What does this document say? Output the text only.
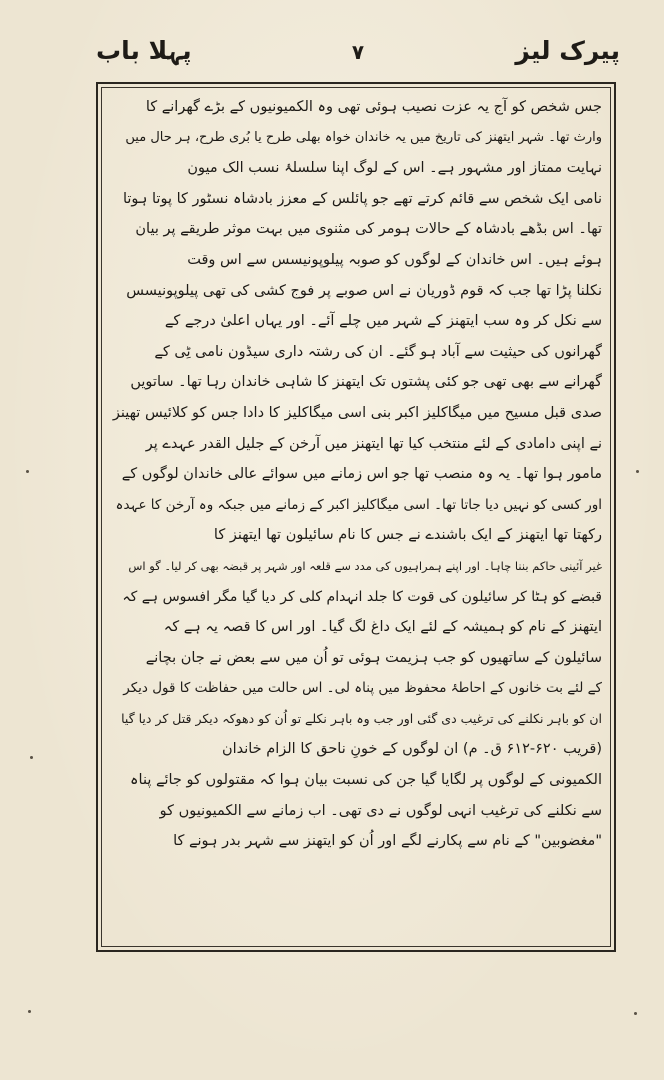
پیرک لیز
۷
پہلا باب
جس شخص کو آج یہ عزت نصیب ہوئی تھی وہ الکمیونیوں کے بڑے گھرانے کا
وارث تھا۔ شہر ایتھنز کی تاریخ میں یہ خاندان خواہ بھلی طرح یا بُری طرح، ہر حال میں
نہایت ممتاز اور مشہور ہے۔ اس کے لوگ اپنا سلسلۂ نسب الک میون
نامی ایک شخص سے قائم کرتے تھے جو پائلس کے معزز بادشاہ نسٹور کا پوتا ہوتا
تھا۔ اس بڈھے بادشاہ کے حالات ہومر کی مثنوی میں بہت موثر طریقے پر بیان
ہوئے ہیں۔ اس خاندان کے لوگوں کو صوبہ پیلوپونیسس سے اس وقت
نکلنا پڑا تھا جب کہ قوم ڈوریان نے اس صوبے پر فوج کشی کی تھی پیلوپونیسس
سے نکل کر وہ سب ایتھنز کے شہر میں چلے آئے۔ اور یہاں اعلیٰ درجے کے
گھرانوں کی حیثیت سے آباد ہو گئے۔ ان کی رشتہ داری سیڈون نامی ٹِی کے
گھرانے سے بھی تھی جو کئی پشتوں تک ایتھنز کا شاہی خاندان رہا تھا۔ ساتویں
صدی قبل مسیح میں میگاکلیز اکبر بنی اسی میگاکلیز کا دادا جس کو کلائیس تھینز
نے اپنی دامادی کے لئے منتخب کیا تھا ایتھنز میں آرخن کے جلیل القدر عہدے پر
مامور ہوا تھا۔ یہ وہ منصب تھا جو اس زمانے میں سوائے عالی خاندان لوگوں کے
اور کسی کو نہیں دیا جاتا تھا۔ اسی میگاکلیز اکبر کے زمانے میں جبکہ وہ آرخن کا عہدہ
رکھتا تھا ایتھنز کے ایک باشندے نے جس کا نام سائیلون تھا ایتھنز کا
غیر آئینی حاکم بننا چاہا۔ اور اپنے ہمراہیوں کی مدد سے قلعہ اور شہر پر قبضہ بھی کر لیا۔ گو اس
قبضے کو ہٹا کر سائیلون کی قوت کا جلد انہدام کلی کر دیا گیا مگر افسوس ہے کہ
ایتھنز کے نام کو ہمیشہ کے لئے ایک داغ لگ گیا۔ اور اس کا قصہ یہ ہے کہ
سائیلون کے ساتھیوں کو جب ہزیمت ہوئی تو اُن میں سے بعض نے جان بچانے
کے لئے بت خانوں کے احاطۂ محفوظ میں پناہ لی۔ اس حالت میں حفاظت کا قول دیکر
ان کو باہر نکلنے کی ترغیب دی گئی اور جب وہ باہر نکلے تو اُن کو دھوکہ دیکر قتل کر دیا گیا
(قریب ۶۲۰-۶۱۲ ق۔ م) ان لوگوں کے خونِ ناحق کا الزام خاندان
الکمیونی کے لوگوں پر لگایا گیا جن کی نسبت بیان ہوا کہ مقتولوں کو جائے پناہ
سے نکلنے کی ترغیب انہی لوگوں نے دی تھی۔ اب زمانے سے الکمیونیوں کو
"مغضوبین" کے نام سے پکارنے لگے اور اُن کو ایتھنز سے شہر بدر ہونے کا
